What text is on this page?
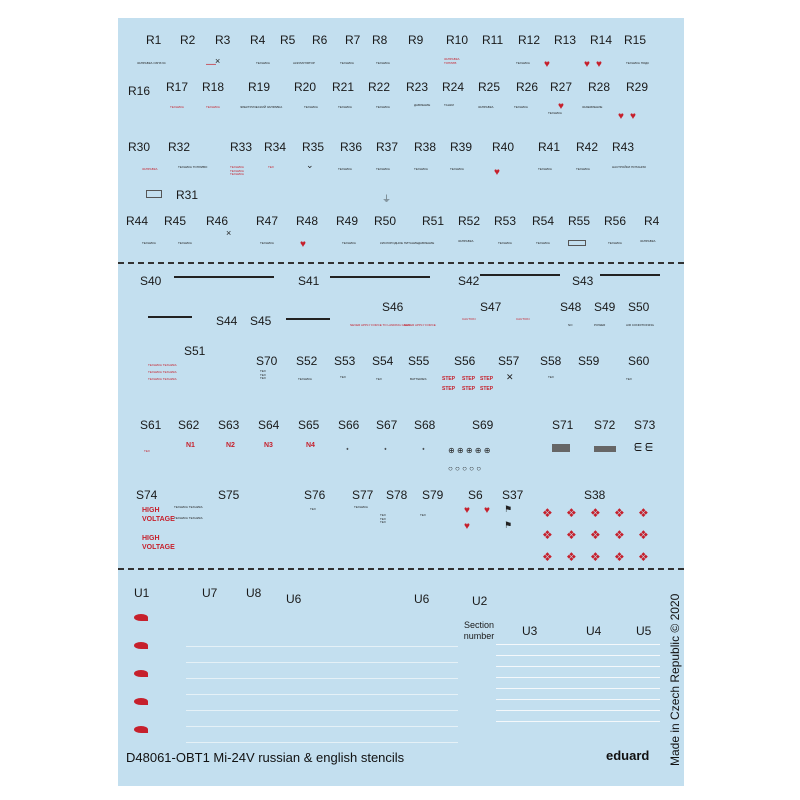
R1 R2 R3 R4 R5 R6 R7 R8 R9 R10 R11 R12 R13 R14 R15
R16 R17 R18 R19 R20 R21 R22 R23 R24 R25 R26 R27 R28 R29
R30 R32	R33 R34 R35 R36 R37 R38 R39 R40 R41 R42 R43
R31
R44 R45 R46 R47 R48 R49 R50 R51 R52 R53 R54 R55 R56 R4
ЗАПРАВКА ОЗПЗ 64	АККУМУЛЯТОР
ТЕХНИКА	ТЕХНИКА	ТЕХНИКА
ЗАПРАВКА
ТОПЛИВ	ТЕХНИКА	ТЕХНИКА ПОДК
— ×	♥ ♥
♥
ТЕХНИКА	ТЕХНИКА	ЭЛЕКТРИЧЕСКИЙ ЗАПРАВКА	ТЕХНИКА	ТЕХНИКА	ТЕХНИКА	ДАВЛЕНИЕ	ТАНКИ	ЗАПРАВКА	ТЕХНИКА
ТЕХНИКА
ЗАЗЕМЛЕНИЕ
♥ ♥
♥
ЗАПРАВКА	ТЕХНИКА ТОПЛИВО	ТЕХНИКА
ТЕХНИКА
ТЕХНИКА
ТЕХ	⌄	ТЕХНИКА	ТЕХНИКА	ТЕХНИКА	ТЕХНИКА	♥	ТЕХНИКА	ТЕХНИКА	НАСТРОЙКИ ПИТАНИЯ
⏚
ТЕХНИКА	ТЕХНИКА
×
ТЕХНИКА	♥	ТЕХНИКА	КИСЛОРОДНОЕ ПИТАНИЕ ДАВЛЕНИЕ	ЗАПРАВКА	ТЕХНИКА	ТЕХНИКА	ТЕХНИКА	ЗАПРАВКА
S40	S41	S42	S43
S44 S45
S46	S47	S48 S49 S50
NEVER APPLY FORCE TO LANDING GEAR
NEVER APPLY FORCE
CAUTION	CAUTION
NO	POWER	AIR CONDITIONING
S51
S70 S52 S53 S54 S55 S56 S57 S58 S59 S60
ТЕХНИКА ТЕХНИКА

ТЕХНИКА ТЕХНИКА

ТЕХНИКА ТЕХНИКА
ТЕХ
ТЕХ
ТЕХ	ТЕХНИКА	ТЕХ	ТЕХ	BATTERIES	✕	ТЕХ	ТЕХ
STEP STEP STEP
STEP STEP STEP
S61 S62 S63 S64 S65 S66 S67 S68	S69	S71 S72 S73
N1	N2	N3	N4
ТЕХ	✚	✚	✚	⊕ ⊕ ⊕ ⊕ ⊕
○ ○ ○ ○ ○
ᗴ ᗴ
S74	S75	S76 S77 S78 S79 S6 S37	S38
HIGH VOLTAGE
HIGH VOLTAGE
ТЕХНИКА ТЕХНИКА

ТЕХНИКА ТЕХНИКА
ТЕХ	ТЕХНИКА
ТЕХ
ТЕХ
ТЕХ
ТЕХ	♥	♥
♥
⚑
⚑
❖ ❖ ❖ ❖ ❖
❖ ❖ ❖ ❖ ❖
❖ ❖ ❖ ❖ ❖
U1	U7 U8 U6	U6	U2
U3	U4	U5
Section number
D48061-OBT1 Mi-24V russian & english stencils	eduard Made in Czech Republic © 2020
